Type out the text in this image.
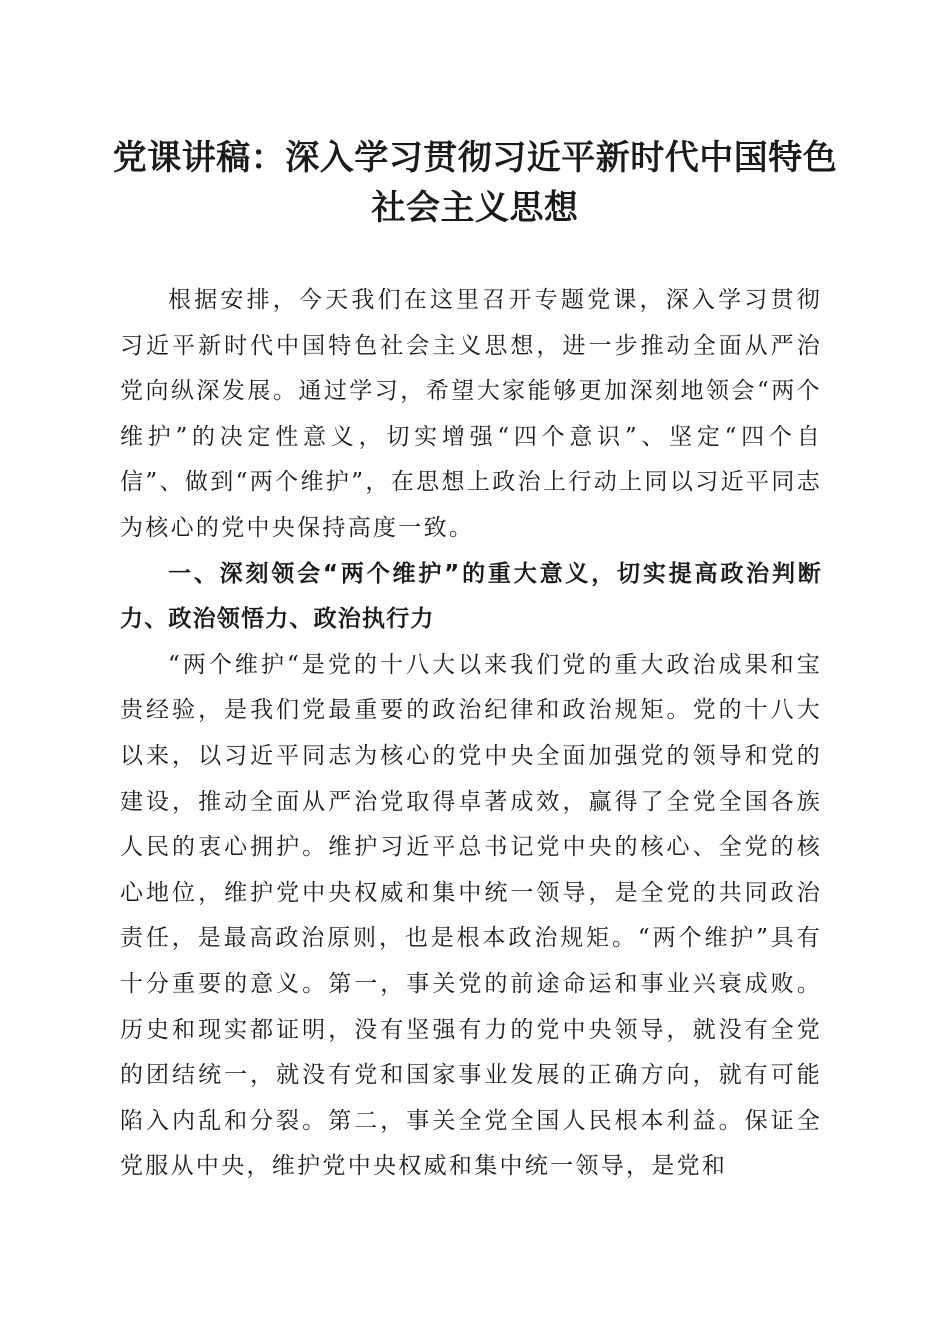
党课讲稿：深入学习贯彻习近平新时代中国特色社会主义思想

根据安排，今天我们在这里召开专题党课，深入学习贯彻习近平新时代中国特色社会主义思想，进一步推动全面从严治党向纵深发展。通过学习，希望大家能够更加深刻地领会“两个维护”的决定性意义，切实增强“四个意识”、坚定“四个自信”、做到“两个维护”，在思想上政治上行动上同以习近平同志为核心的党中央保持高度一致。

一、深刻领会“两个维护”的重大意义，切实提高政治判断力、政治领悟力、政治执行力

“两个维护“是党的十八大以来我们党的重大政治成果和宝贵经验，是我们党最重要的政治纪律和政治规矩。党的十八大以来，以习近平同志为核心的党中央全面加强党的领导和党的建设，推动全面从严治党取得卓著成效，赢得了全党全国各族人民的衷心拥护。维护习近平总书记党中央的核心、全党的核心地位，维护党中央权威和集中统一领导，是全党的共同政治责任，是最高政治原则，也是根本政治规矩。“两个维护”具有十分重要的意义。第一，事关党的前途命运和事业兴衰成败。历史和现实都证明，没有坚强有力的党中央领导，就没有全党的团结统一，就没有党和国家事业发展的正确方向，就有可能陷入内乱和分裂。第二，事关全党全国人民根本利益。保证全党服从中央，维护党中央权威和集中统一领导，是党和
